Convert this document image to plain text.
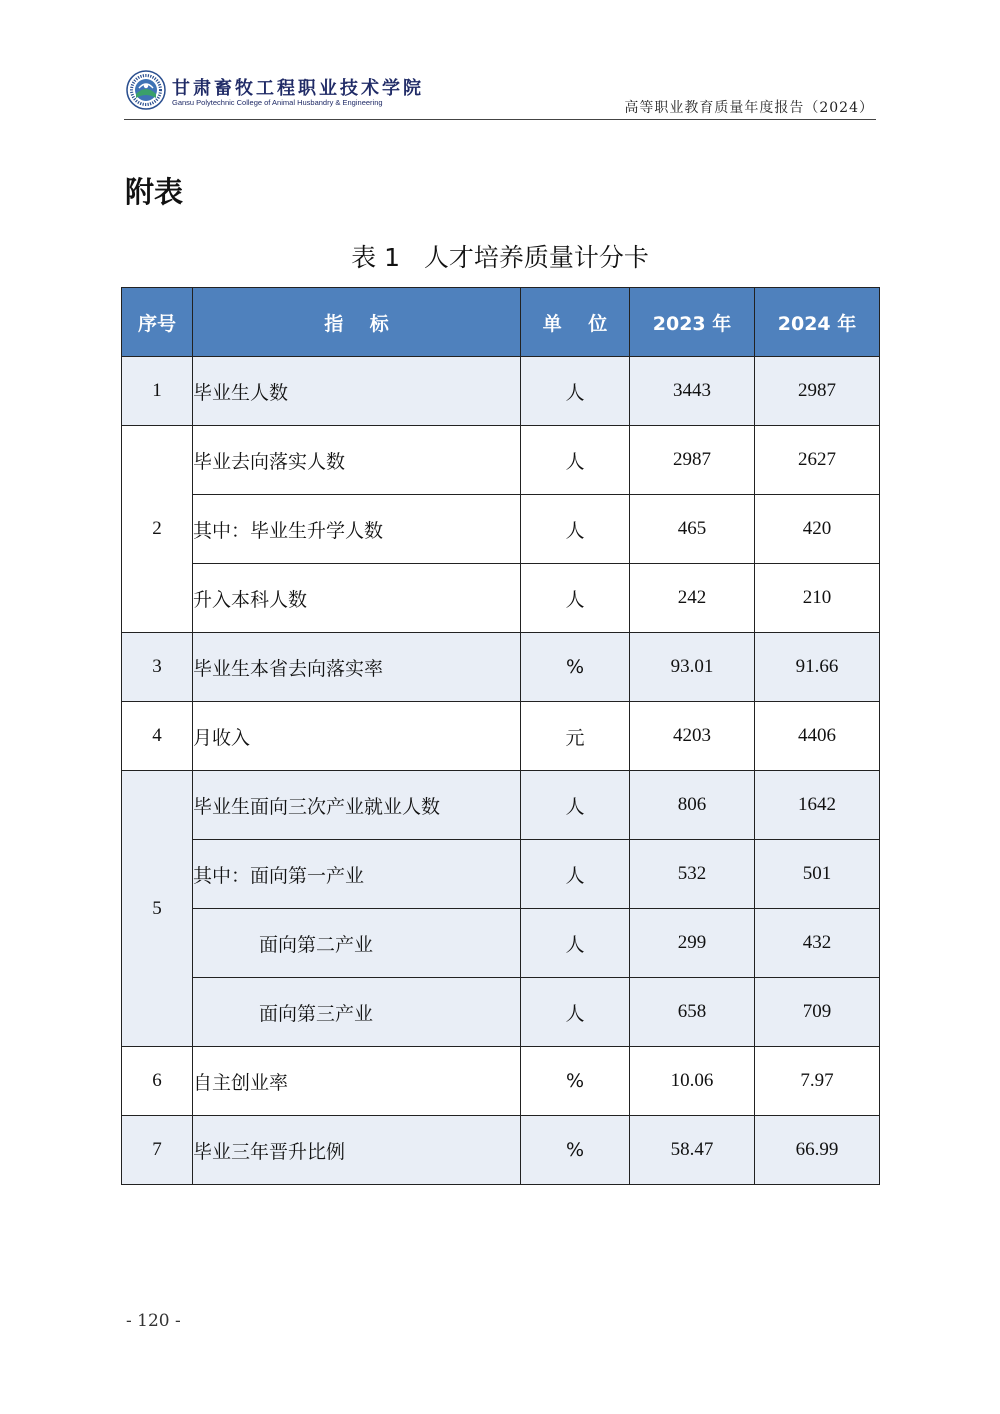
甘肃畜牧工程职业技术学院
Gansu Polytechnic College of Animal Husbandry & Engineering	高等职业教育质量年度报告（2024）
附表
表 1   人才培养质量计分卡
序号	指    标	单    位	2023 年	2024 年
1	毕业生人数	人	3443	2987
2	毕业去向落实人数	人	2987	2627
	其中：毕业生升学人数	人	465	420
	升入本科人数	人	242	210
3	毕业生本省去向落实率	%	93.01	91.66
4	月收入	元	4203	4406
5	毕业生面向三次产业就业人数	人	806	1642
	其中：面向第一产业	人	532	501
	面向第二产业	人	299	432
	面向第三产业	人	658	709
6	自主创业率	%	10.06	7.97
7	毕业三年晋升比例	%	58.47	66.99
- 120 -
